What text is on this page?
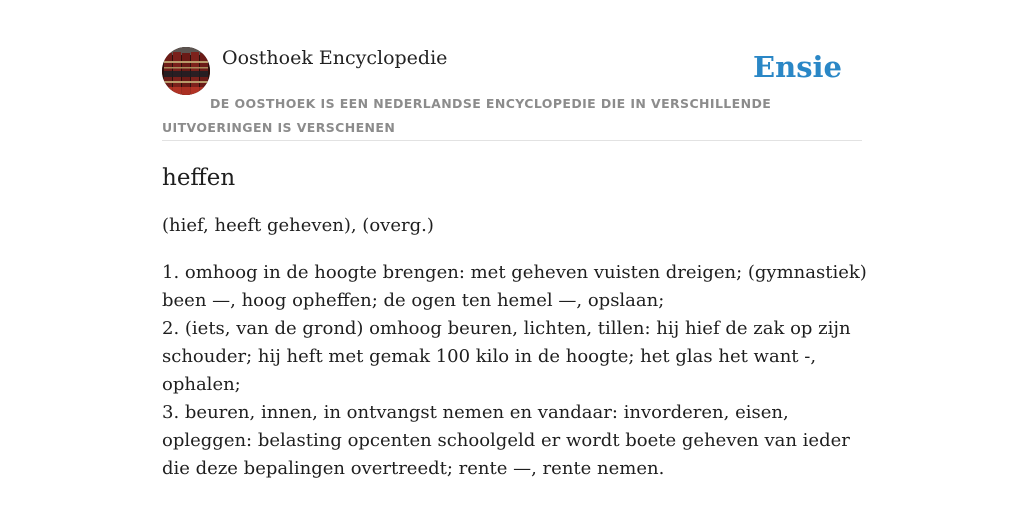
Oosthoek Encyclopedie	Ensie
DE OOSTHOEK IS EEN NEDERLANDSE ENCYCLOPEDIE DIE IN VERSCHILLENDE UITVOERINGEN IS VERSCHENEN
heffen

(hief, heeft geheven), (overg.)

1. omhoog in de hoogte brengen: met geheven vuisten dreigen; (gymnastiek) been —, hoog opheffen; de ogen ten hemel —, opslaan;
2. (iets, van de grond) omhoog beuren, lichten, tillen: hij hief de zak op zijn schouder; hij heft met gemak 100 kilo in de hoogte; het glas het want -, ophalen;
3. beuren, innen, in ontvangst nemen en vandaar: invorderen, eisen, opleggen: belasting opcenten schoolgeld er wordt boete geheven van ieder die deze bepalingen overtreedt; rente —, rente nemen.
